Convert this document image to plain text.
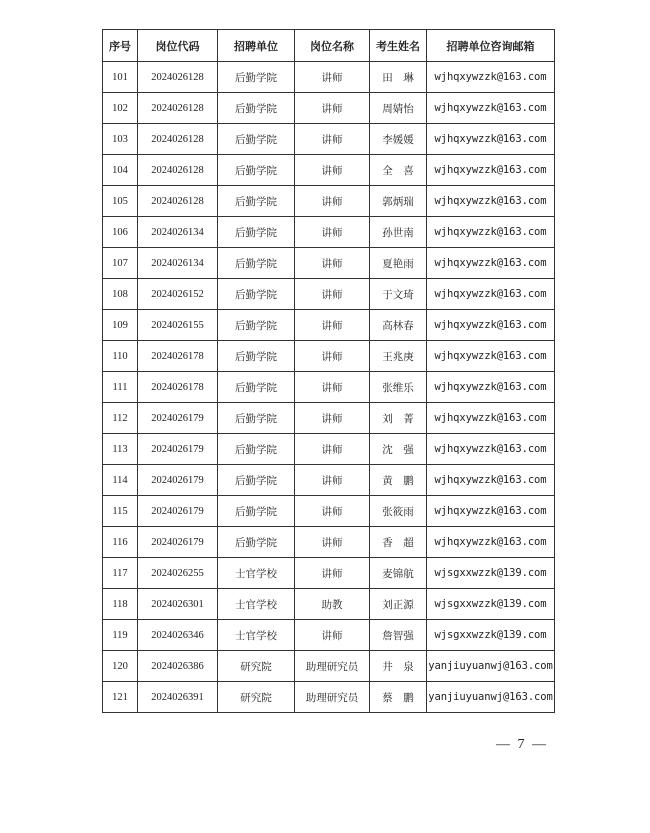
序号	岗位代码	招聘单位	岗位名称	考生姓名	招聘单位咨询邮箱
101	2024026128	后勤学院	讲师	田　琳	wjhqxywzzk@163.com
102	2024026128	后勤学院	讲师	周婧怡	wjhqxywzzk@163.com
103	2024026128	后勤学院	讲师	李媛媛	wjhqxywzzk@163.com
104	2024026128	后勤学院	讲师	全　喜	wjhqxywzzk@163.com
105	2024026128	后勤学院	讲师	郭炳瑞	wjhqxywzzk@163.com
106	2024026134	后勤学院	讲师	孙世南	wjhqxywzzk@163.com
107	2024026134	后勤学院	讲师	夏艳雨	wjhqxywzzk@163.com
108	2024026152	后勤学院	讲师	于文琦	wjhqxywzzk@163.com
109	2024026155	后勤学院	讲师	高林春	wjhqxywzzk@163.com
110	2024026178	后勤学院	讲师	王兆庚	wjhqxywzzk@163.com
111	2024026178	后勤学院	讲师	张维乐	wjhqxywzzk@163.com
112	2024026179	后勤学院	讲师	刘　菁	wjhqxywzzk@163.com
113	2024026179	后勤学院	讲师	沈　强	wjhqxywzzk@163.com
114	2024026179	后勤学院	讲师	黄　鹏	wjhqxywzzk@163.com
115	2024026179	后勤学院	讲师	张筱雨	wjhqxywzzk@163.com
116	2024026179	后勤学院	讲师	香　超	wjhqxywzzk@163.com
117	2024026255	士官学校	讲师	麦锦航	wjsgxxwzzk@139.com
118	2024026301	士官学校	助教	刘正源	wjsgxxwzzk@139.com
119	2024026346	士官学校	讲师	詹智强	wjsgxxwzzk@139.com
120	2024026386	研究院	助理研究员	井　泉	yanjiuyuanwj@163.com
121	2024026391	研究院	助理研究员	蔡　鹏	yanjiuyuanwj@163.com
— 7 —
